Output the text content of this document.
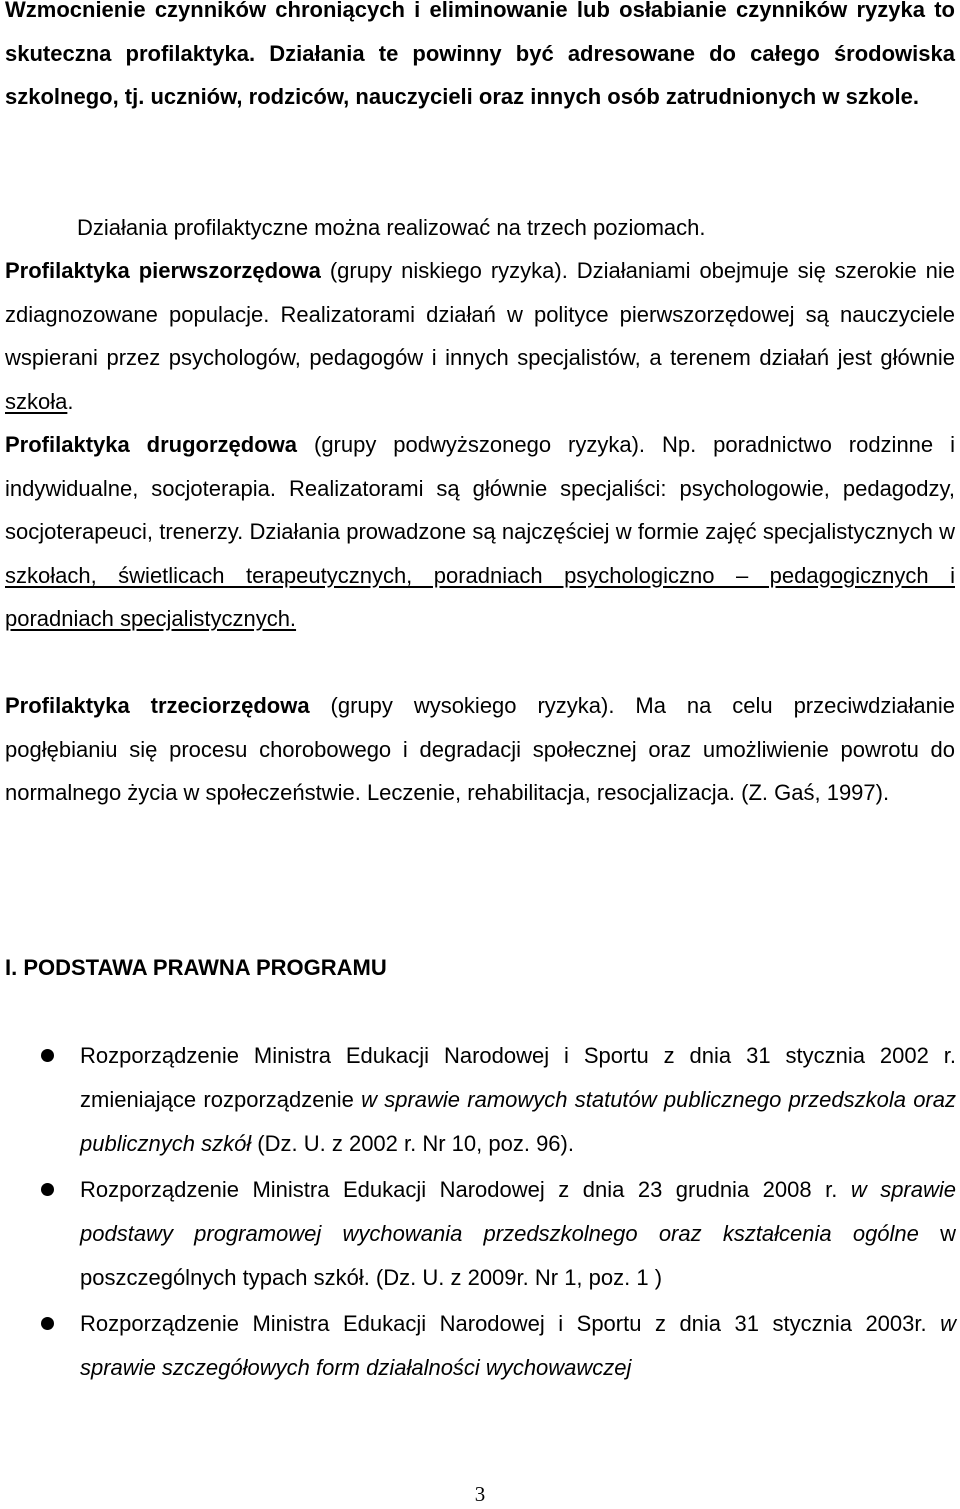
Wzmocnienie czynników chroniących i eliminowanie lub osłabianie czynników ryzyka to skuteczna profilaktyka. Działania te powinny być adresowane do całego środowiska szkolnego, tj. uczniów, rodziców, nauczycieli oraz innych osób zatrudnionych w szkole.

Działania profilaktyczne można realizować na trzech poziomach.

Profilaktyka pierwszorzędowa (grupy niskiego ryzyka). Działaniami obejmuje się szerokie nie zdiagnozowane populacje. Realizatorami działań w polityce pierwszorzędowej są nauczyciele wspierani przez psychologów, pedagogów i innych specjalistów, a terenem działań jest głównie szkoła.

Profilaktyka drugorzędowa (grupy podwyższonego ryzyka). Np. poradnictwo rodzinne i indywidualne, socjoterapia. Realizatorami są głównie specjaliści: psychologowie, pedagodzy, socjoterapeuci, trenerzy. Działania prowadzone są najczęściej w formie zajęć specjalistycznych w szkołach, świetlicach terapeutycznych, poradniach psychologiczno – pedagogicznych i poradniach specjalistycznych.

Profilaktyka trzeciorzędowa (grupy wysokiego ryzyka). Ma na celu przeciwdziałanie pogłębianiu się procesu chorobowego i degradacji społecznej oraz umożliwienie powrotu do normalnego życia w społeczeństwie. Leczenie, rehabilitacja, resocjalizacja. (Z. Gaś, 1997).

I. PODSTAWA PRAWNA PROGRAMU
Rozporządzenie Ministra Edukacji Narodowej i Sportu z dnia 31 stycznia 2002 r. zmieniające rozporządzenie w sprawie ramowych statutów publicznego przedszkola oraz publicznych szkół (Dz. U. z 2002 r. Nr 10, poz. 96).
Rozporządzenie Ministra Edukacji Narodowej z dnia 23 grudnia 2008 r. w sprawie podstawy programowej wychowania przedszkolnego oraz kształcenia ogólne w poszczególnych typach szkół. (Dz. U. z 2009r. Nr 1, poz. 1 )
Rozporządzenie Ministra Edukacji Narodowej i Sportu z dnia 31 stycznia 2003r. w sprawie szczegółowych form działalności wychowawczej
3
